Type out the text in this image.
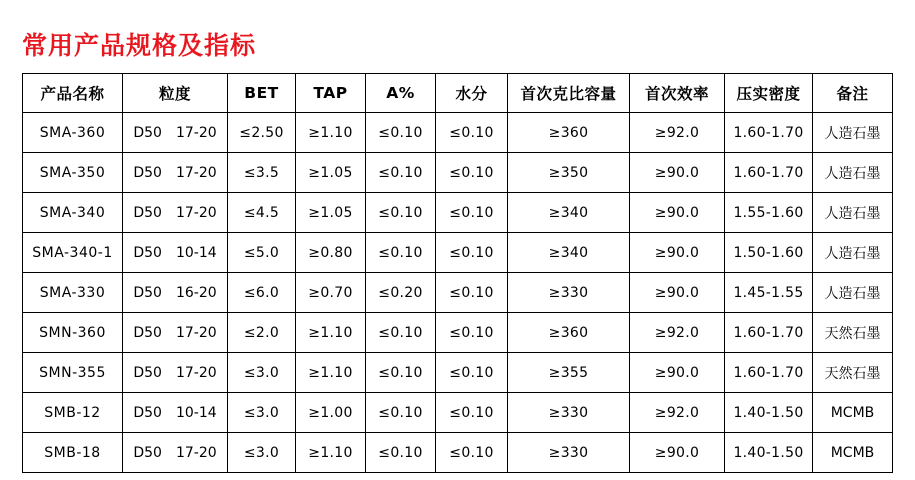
常用产品规格及指标
产品名称	粒度	BET	TAP	A%	水分	首次克比容量	首次效率	压实密度	备注
SMA-360	D50 17-20	≤2.50	≥1.10	≤0.10	≤0.10	≥360	≥92.0	1.60-1.70	人造石墨
SMA-350	D50 17-20	≤3.5	≥1.05	≤0.10	≤0.10	≥350	≥90.0	1.60-1.70	人造石墨
SMA-340	D50 17-20	≤4.5	≥1.05	≤0.10	≤0.10	≥340	≥90.0	1.55-1.60	人造石墨
SMA-340-1	D50 10-14	≤5.0	≥0.80	≤0.10	≤0.10	≥340	≥90.0	1.50-1.60	人造石墨
SMA-330	D50 16-20	≤6.0	≥0.70	≤0.20	≤0.10	≥330	≥90.0	1.45-1.55	人造石墨
SMN-360	D50 17-20	≤2.0	≥1.10	≤0.10	≤0.10	≥360	≥92.0	1.60-1.70	天然石墨
SMN-355	D50 17-20	≤3.0	≥1.10	≤0.10	≤0.10	≥355	≥90.0	1.60-1.70	天然石墨
SMB-12	D50 10-14	≤3.0	≥1.00	≤0.10	≤0.10	≥330	≥92.0	1.40-1.50	MCMB
SMB-18	D50 17-20	≤3.0	≥1.10	≤0.10	≤0.10	≥330	≥90.0	1.40-1.50	MCMB
